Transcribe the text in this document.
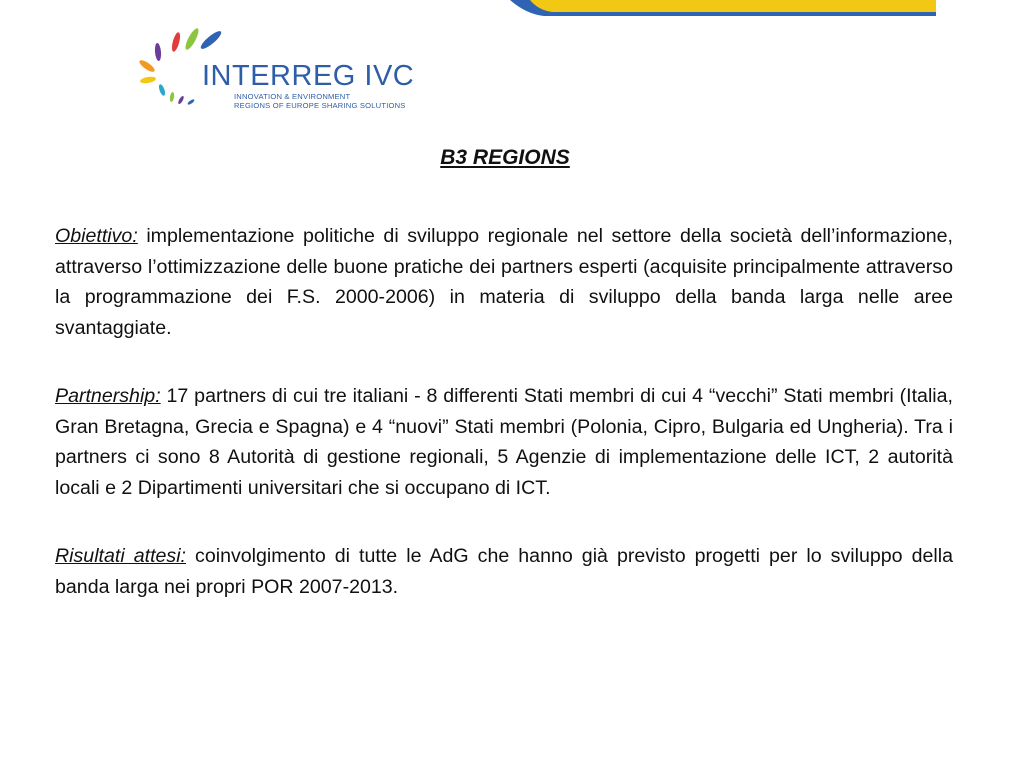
INTERREG IVC
INNOVATION & ENVIRONMENT
REGIONS OF EUROPE SHARING SOLUTIONS
B3 REGIONS

Obiettivo: implementazione politiche di sviluppo regionale nel settore della società dell’informazione, attraverso l’ottimizzazione delle buone pratiche dei partners esperti (acquisite principalmente attraverso la programmazione dei F.S. 2000-2006) in materia di sviluppo della banda larga nelle aree svantaggiate.

Partnership: 17 partners di cui tre italiani - 8 differenti Stati membri di cui 4 “vecchi” Stati membri (Italia, Gran Bretagna, Grecia e Spagna) e 4 “nuovi” Stati membri (Polonia, Cipro, Bulgaria ed Ungheria). Tra i partners ci sono 8 Autorità di gestione regionali, 5 Agenzie di implementazione delle ICT, 2 autorità locali e 2 Dipartimenti universitari che si occupano di ICT.

Risultati attesi: coinvolgimento di tutte le AdG che hanno già previsto progetti per lo sviluppo della banda larga nei propri POR 2007-2013.
